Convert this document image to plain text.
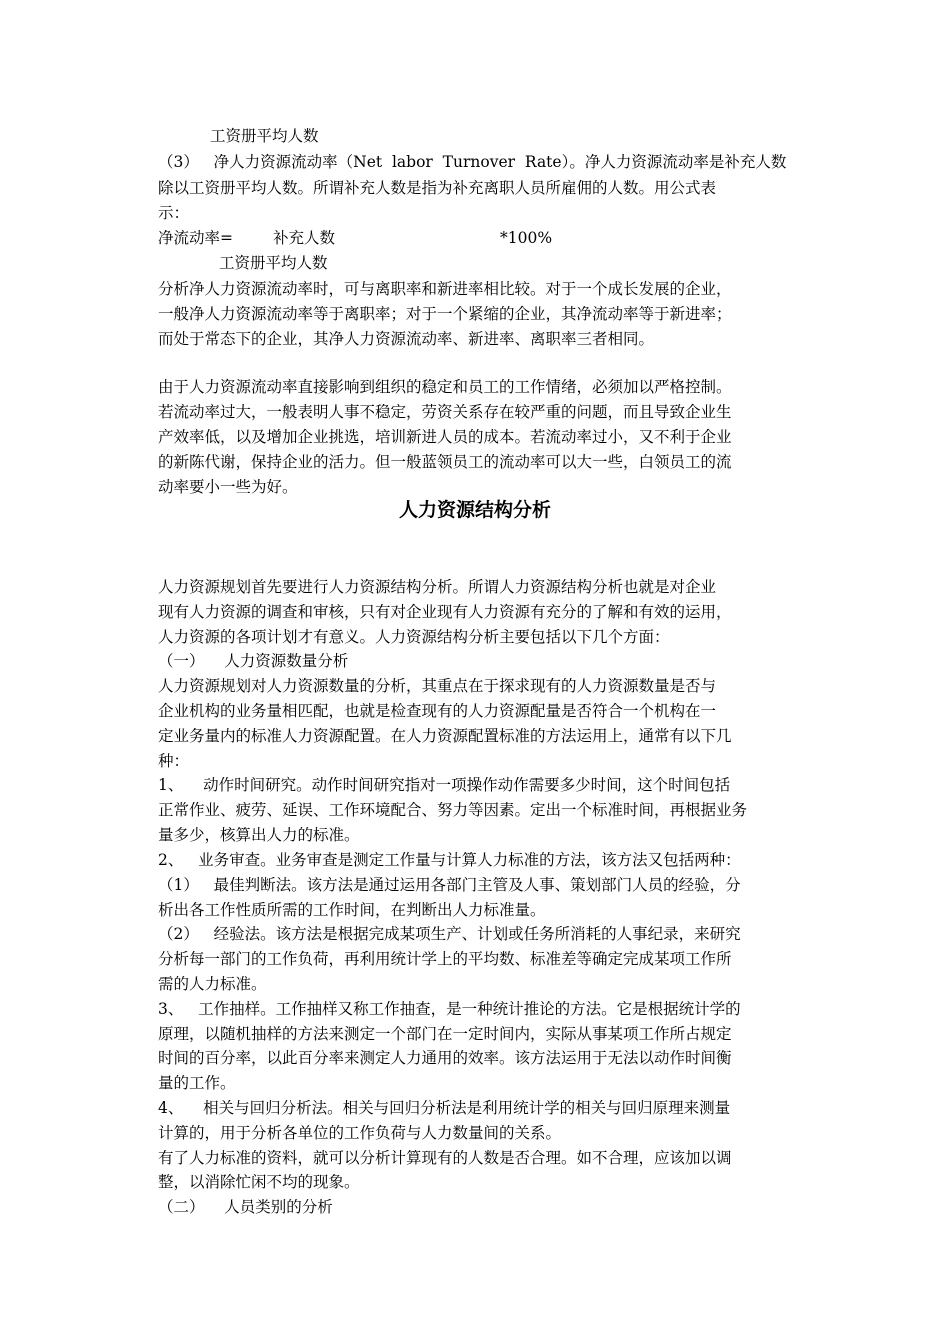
工资册平均人数

（3）   净人力资源流动率（Net  labor  Turnover  Rate）。净人力资源流动率是补充人数

除以工资册平均人数。所谓补充人数是指为补充离职人员所雇佣的人数。用公式表

示：

净流动率=

	补充人数

	*100%

工资册平均人数

分析净人力资源流动率时，可与离职率和新进率相比较。对于一个成长发展的企业，

一般净人力资源流动率等于离职率；对于一个紧缩的企业，其净流动率等于新进率；

而处于常态下的企业，其净人力资源流动率、新进率、离职率三者相同。

由于人力资源流动率直接影响到组织的稳定和员工的工作情绪，必须加以严格控制。

若流动率过大，一般表明人事不稳定，劳资关系存在较严重的问题，而且导致企业生

产效率低，以及增加企业挑选，培训新进人员的成本。若流动率过小，又不利于企业

的新陈代谢，保持企业的活力。但一般蓝领员工的流动率可以大一些，白领员工的流

动率要小一些为好。

人力资源结构分析

人力资源规划首先要进行人力资源结构分析。所谓人力资源结构分析也就是对企业

现有人力资源的调查和审核，只有对企业现有人力资源有充分的了解和有效的运用，

人力资源的各项计划才有意义。人力资源结构分析主要包括以下几个方面：

（一）    人力资源数量分析

人力资源规划对人力资源数量的分析，其重点在于探求现有的人力资源数量是否与

企业机构的业务量相匹配，也就是检查现有的人力资源配量是否符合一个机构在一

定业务量内的标准人力资源配置。在人力资源配置标准的方法运用上，通常有以下几

种：

1、    动作时间研究。动作时间研究指对一项操作动作需要多少时间，这个时间包括

正常作业、疲劳、延误、工作环境配合、努力等因素。定出一个标准时间，再根据业务

量多少，核算出人力的标准。

2、   业务审查。业务审查是测定工作量与计算人力标准的方法，该方法又包括两种：

（1）   最佳判断法。该方法是通过运用各部门主管及人事、策划部门人员的经验，分

析出各工作性质所需的工作时间，在判断出人力标准量。

（2）   经验法。该方法是根据完成某项生产、计划或任务所消耗的人事纪录，来研究

分析每一部门的工作负荷，再利用统计学上的平均数、标准差等确定完成某项工作所

需的人力标准。

3、   工作抽样。工作抽样又称工作抽查，是一种统计推论的方法。它是根据统计学的

原理，以随机抽样的方法来测定一个部门在一定时间内，实际从事某项工作所占规定

时间的百分率，以此百分率来测定人力通用的效率。该方法运用于无法以动作时间衡

量的工作。

4、    相关与回归分析法。相关与回归分析法是利用统计学的相关与回归原理来测量

计算的，用于分析各单位的工作负荷与人力数量间的关系。

有了人力标准的资料，就可以分析计算现有的人数是否合理。如不合理，应该加以调

整，以消除忙闲不均的现象。

（二）    人员类别的分析
